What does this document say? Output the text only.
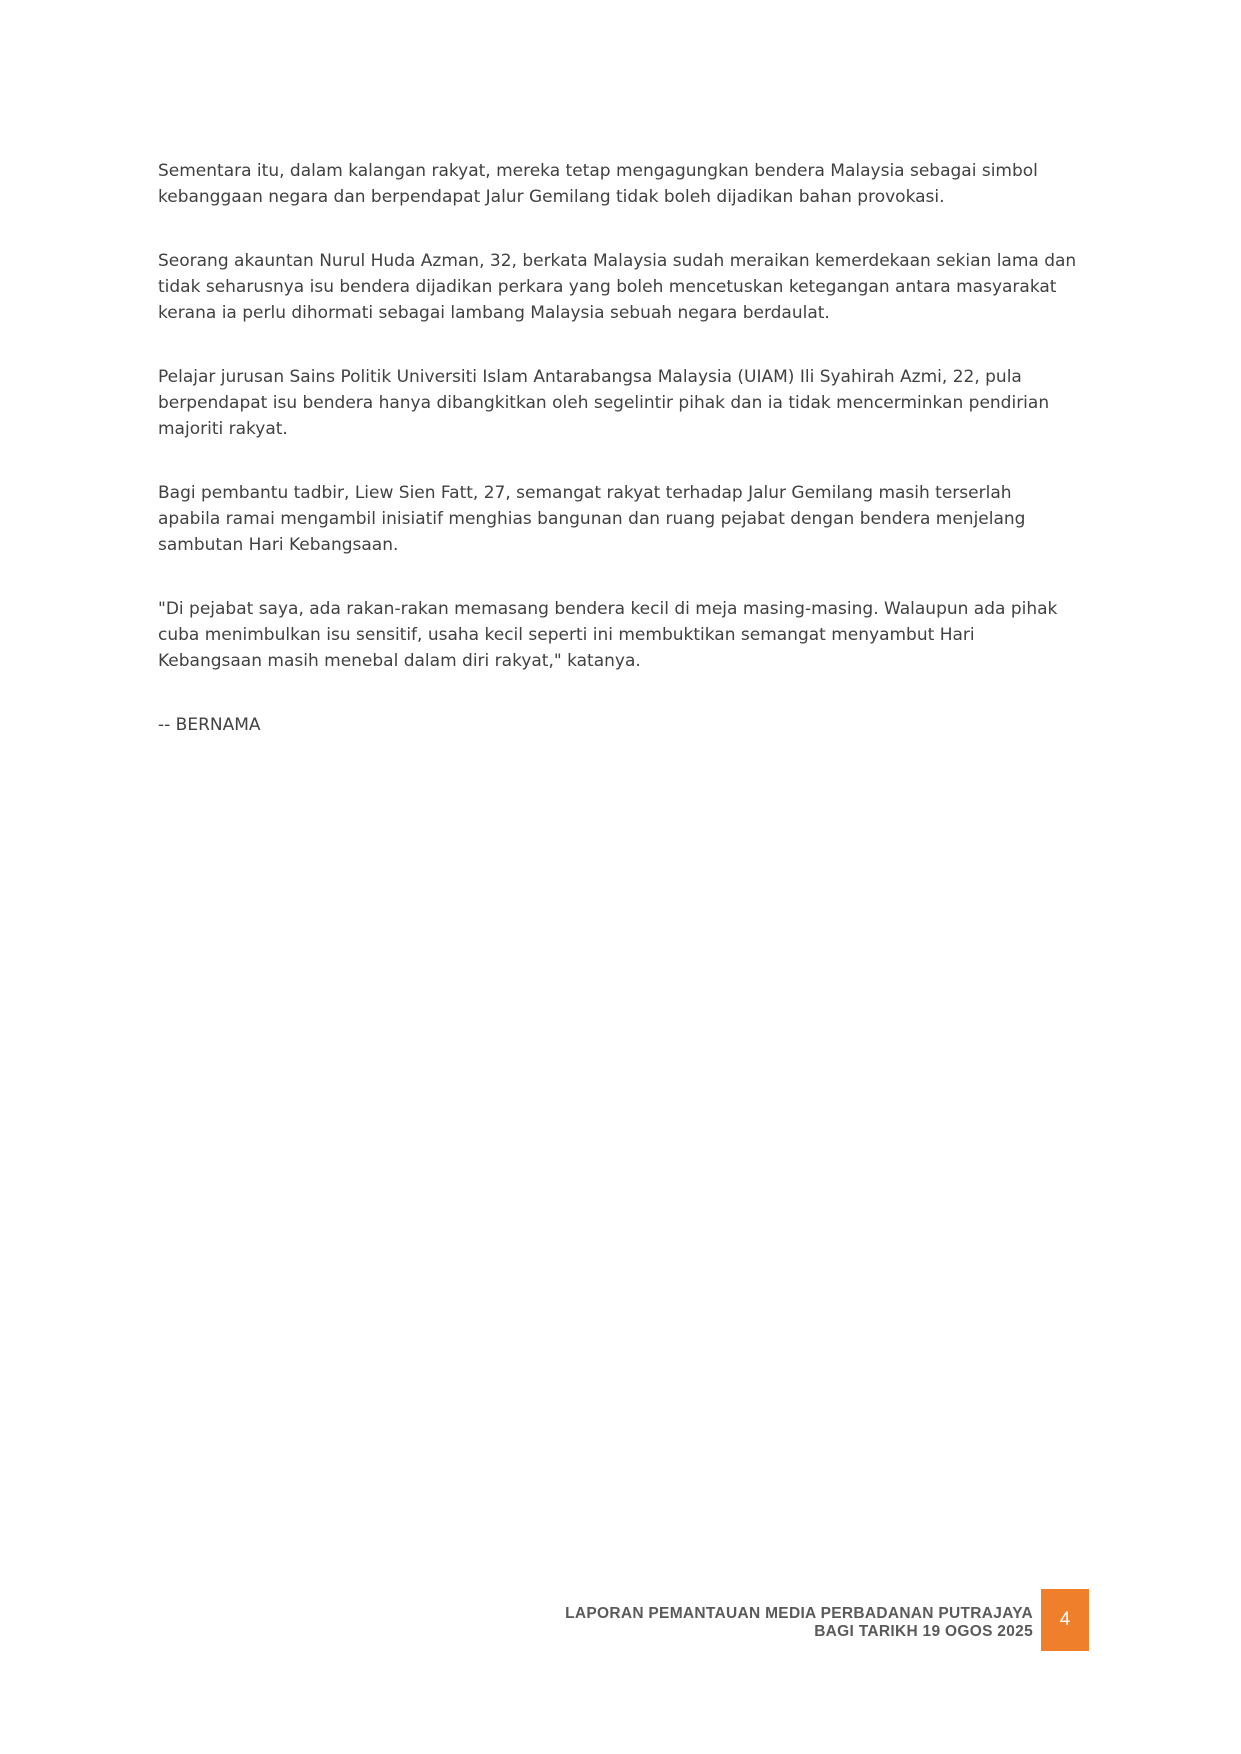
Sementara itu, dalam kalangan rakyat, mereka tetap mengagungkan bendera Malaysia sebagai simbol kebanggaan negara dan berpendapat Jalur Gemilang tidak boleh dijadikan bahan provokasi.

Seorang akauntan Nurul Huda Azman, 32, berkata Malaysia sudah meraikan kemerdekaan sekian lama dan tidak seharusnya isu bendera dijadikan perkara yang boleh mencetuskan ketegangan antara masyarakat kerana ia perlu dihormati sebagai lambang Malaysia sebuah negara berdaulat.

Pelajar jurusan Sains Politik Universiti Islam Antarabangsa Malaysia (UIAM) Ili Syahirah Azmi, 22, pula berpendapat isu bendera hanya dibangkitkan oleh segelintir pihak dan ia tidak mencerminkan pendirian majoriti rakyat.

Bagi pembantu tadbir, Liew Sien Fatt, 27, semangat rakyat terhadap Jalur Gemilang masih terserlah apabila ramai mengambil inisiatif menghias bangunan dan ruang pejabat dengan bendera menjelang sambutan Hari Kebangsaan.

"Di pejabat saya, ada rakan-rakan memasang bendera kecil di meja masing-masing. Walaupun ada pihak cuba menimbulkan isu sensitif, usaha kecil seperti ini membuktikan semangat menyambut Hari Kebangsaan masih menebal dalam diri rakyat," katanya.

-- BERNAMA

LAPORAN PEMANTAUAN MEDIA PERBADANAN PUTRAJAYA
BAGI TARIKH 19 OGOS 2025
4
